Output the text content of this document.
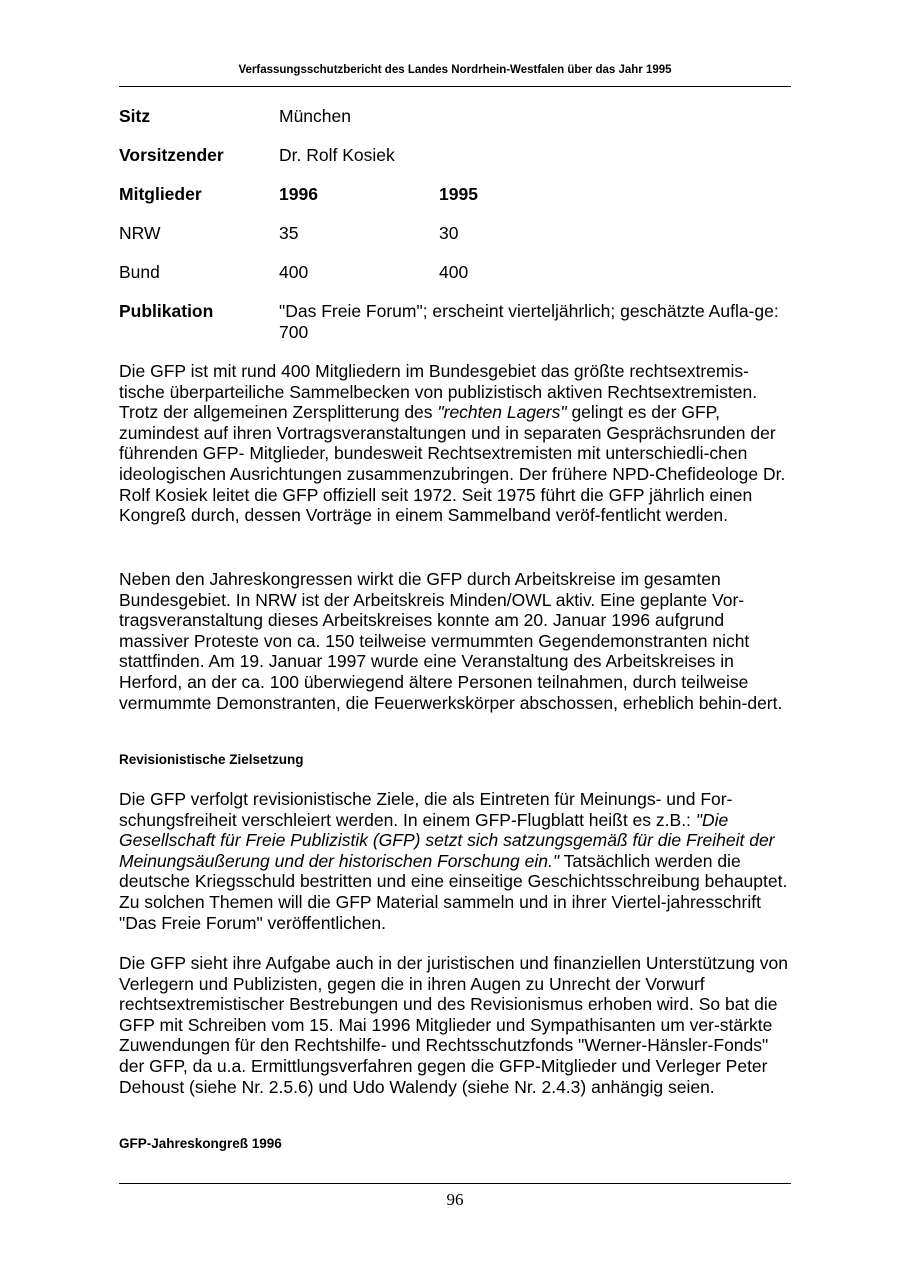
Verfassungsschutzbericht des Landes Nordrhein-Westfalen über das Jahr 1995
Sitz	München
Vorsitzender	Dr. Rolf Kosiek
Mitglieder	1996	1995
NRW	35	30
Bund	400	400
Publikation	"Das Freie Forum"; erscheint vierteljährlich; geschätzte Aufla-ge: 700

Die GFP ist mit rund 400 Mitgliedern im Bundesgebiet das größte rechtsextremis-tische überparteiliche Sammelbecken von publizistisch aktiven Rechtsextremisten. Trotz der allgemeinen Zersplitterung des "rechten Lagers" gelingt es der GFP, zumindest auf ihren Vortragsveranstaltungen und in separaten Gesprächsrunden der führenden GFP- Mitglieder, bundesweit Rechtsextremisten mit unterschiedli-chen ideologischen Ausrichtungen zusammenzubringen. Der frühere NPD-Chefideologe Dr. Rolf Kosiek leitet die GFP offiziell seit 1972. Seit 1975 führt die GFP jährlich einen Kongreß durch, dessen Vorträge in einem Sammelband veröf-fentlicht werden.

Neben den Jahreskongressen wirkt die GFP durch Arbeitskreise im gesamten Bundesgebiet. In NRW ist der Arbeitskreis Minden/OWL aktiv. Eine geplante Vor-tragsveranstaltung dieses Arbeitskreises konnte am 20. Januar 1996 aufgrund massiver Proteste von ca. 150 teilweise vermummten Gegendemonstranten nicht stattfinden. Am 19. Januar 1997 wurde eine Veranstaltung des Arbeitskreises in Herford, an der ca. 100 überwiegend ältere Personen teilnahmen, durch teilweise vermummte Demonstranten, die Feuerwerkskörper abschossen, erheblich behin-dert.

Revisionistische Zielsetzung

Die GFP verfolgt revisionistische Ziele, die als Eintreten für Meinungs- und For-schungsfreiheit verschleiert werden. In einem GFP-Flugblatt heißt es z.B.: "Die Gesellschaft für Freie Publizistik (GFP) setzt sich satzungsgemäß für die Freiheit der Meinungsäußerung und der historischen Forschung ein." Tatsächlich werden die deutsche Kriegsschuld bestritten und eine einseitige Geschichtsschreibung behauptet. Zu solchen Themen will die GFP Material sammeln und in ihrer Viertel-jahresschrift "Das Freie Forum" veröffentlichen.

Die GFP sieht ihre Aufgabe auch in der juristischen und finanziellen Unterstützung von Verlegern und Publizisten, gegen die in ihren Augen zu Unrecht der Vorwurf rechtsextremistischer Bestrebungen und des Revisionismus erhoben wird. So bat die GFP mit Schreiben vom 15. Mai 1996 Mitglieder und Sympathisanten um ver-stärkte Zuwendungen für den Rechtshilfe- und Rechtsschutzfonds "Werner-Hänsler-Fonds" der GFP, da u.a. Ermittlungsverfahren gegen die GFP-Mitglieder und Verleger Peter Dehoust (siehe Nr. 2.5.6) und Udo Walendy (siehe Nr. 2.4.3) anhängig seien.

GFP-Jahreskongreß 1996

96
